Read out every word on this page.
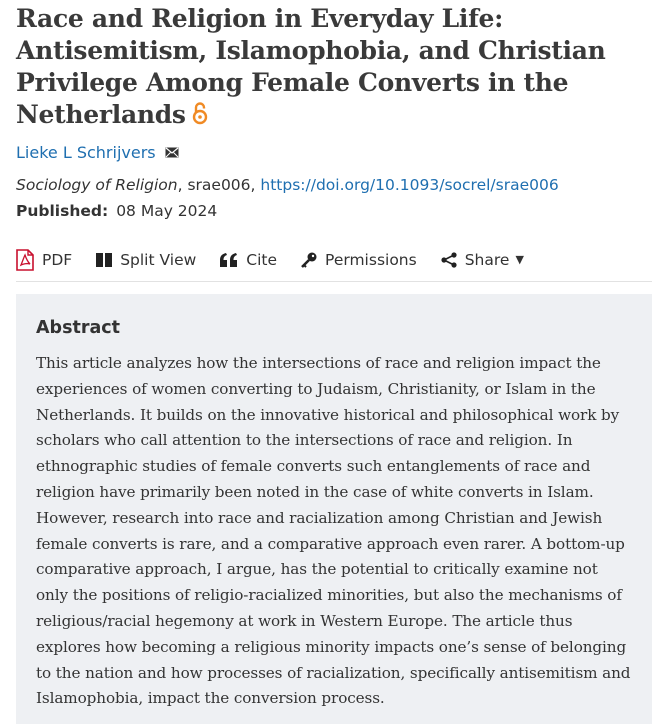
Race and Religion in Everyday Life: Antisemitism, Islamophobia, and Christian Privilege Among Female Converts in the Netherlands
Lieke L Schrijvers
Sociology of Religion, srae006, https://doi.org/10.1093/socrel/srae006
Published: 08 May 2024
PDF	Split View	Cite	Permissions	Share ▼
Abstract

This article analyzes how the intersections of race and religion impact the experiences of women converting to Judaism, Christianity, or Islam in the Netherlands. It builds on the innovative historical and philosophical work by scholars who call attention to the intersections of race and religion. In ethnographic studies of female converts such entanglements of race and religion have primarily been noted in the case of white converts in Islam. However, research into race and racialization among Christian and Jewish female converts is rare, and a comparative approach even rarer. A bottom-up comparative approach, I argue, has the potential to critically examine not only the positions of religio-racialized minorities, but also the mechanisms of religious/racial hegemony at work in Western Europe. The article thus explores how becoming a religious minority impacts one’s sense of belonging to the nation and how processes of racialization, specifically antisemitism and Islamophobia, impact the conversion process.
